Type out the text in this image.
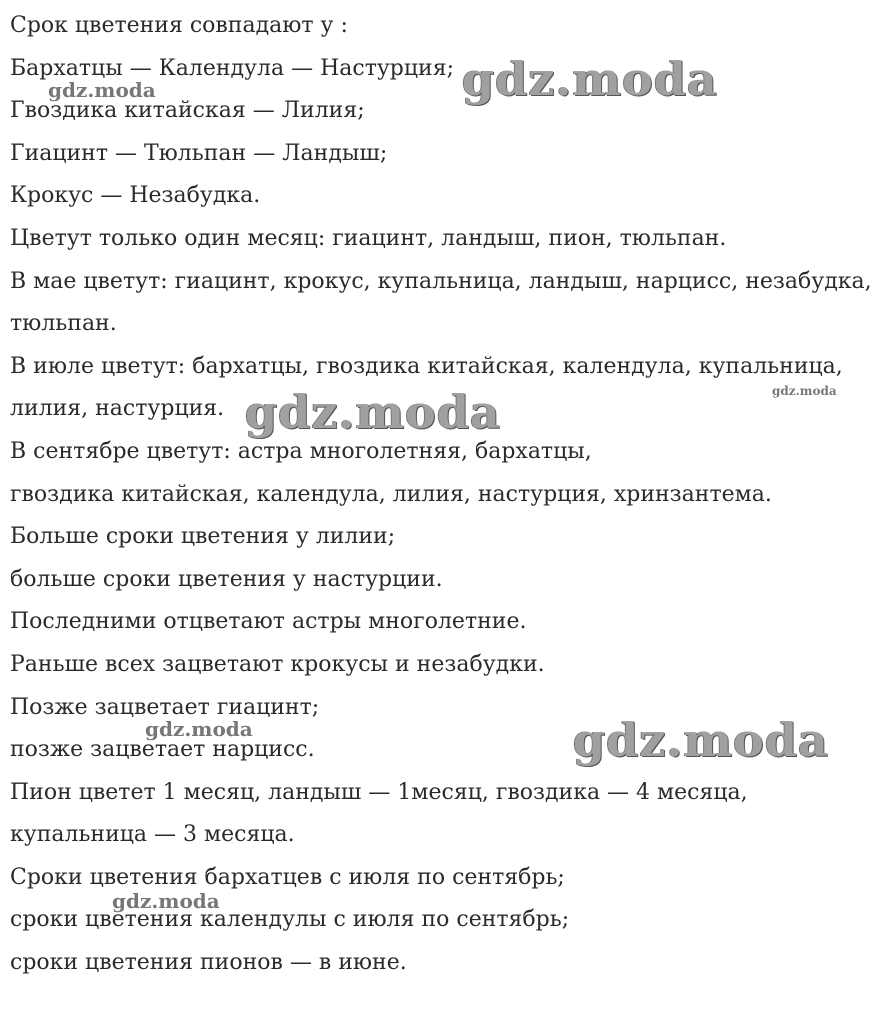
Срок цветения совпадают у :

Бархатцы — Календула — Настурция;

Гвоздика китайская — Лилия;

Гиацинт — Тюльпан — Ландыш;

Крокус — Незабудка.

Цветут только один месяц: гиацинт, ландыш, пион, тюльпан.

В мае цветут: гиацинт, крокус, купальница, ландыш, нарцисс, незабудка,

тюльпан.

В июле цветут: бархатцы, гвоздика китайская, календула, купальница,

лилия, настурция.

В сентябре цветут: астра многолетняя, бархатцы,

гвоздика китайская, календула, лилия, настурция, хринзантема.

Больше сроки цветения у лилии;

больше сроки цветения у настурции.

Последними отцветают астры многолетние.

Раньше всех зацветают крокусы и незабудки.

Позже зацветает гиацинт;

позже зацветает нарцисс.

Пион цветет 1 месяц, ландыш — 1месяц, гвоздика — 4 месяца,

купальница — 3 месяца.

Сроки цветения бархатцев с июля по сентябрь;

сроки цветения календулы с июля по сентябрь;

сроки цветения пионов — в июне.

gdz.moda
gdz.moda
gdz.moda	gdz.moda
gdz.moda	gdz.moda
gdz.moda
